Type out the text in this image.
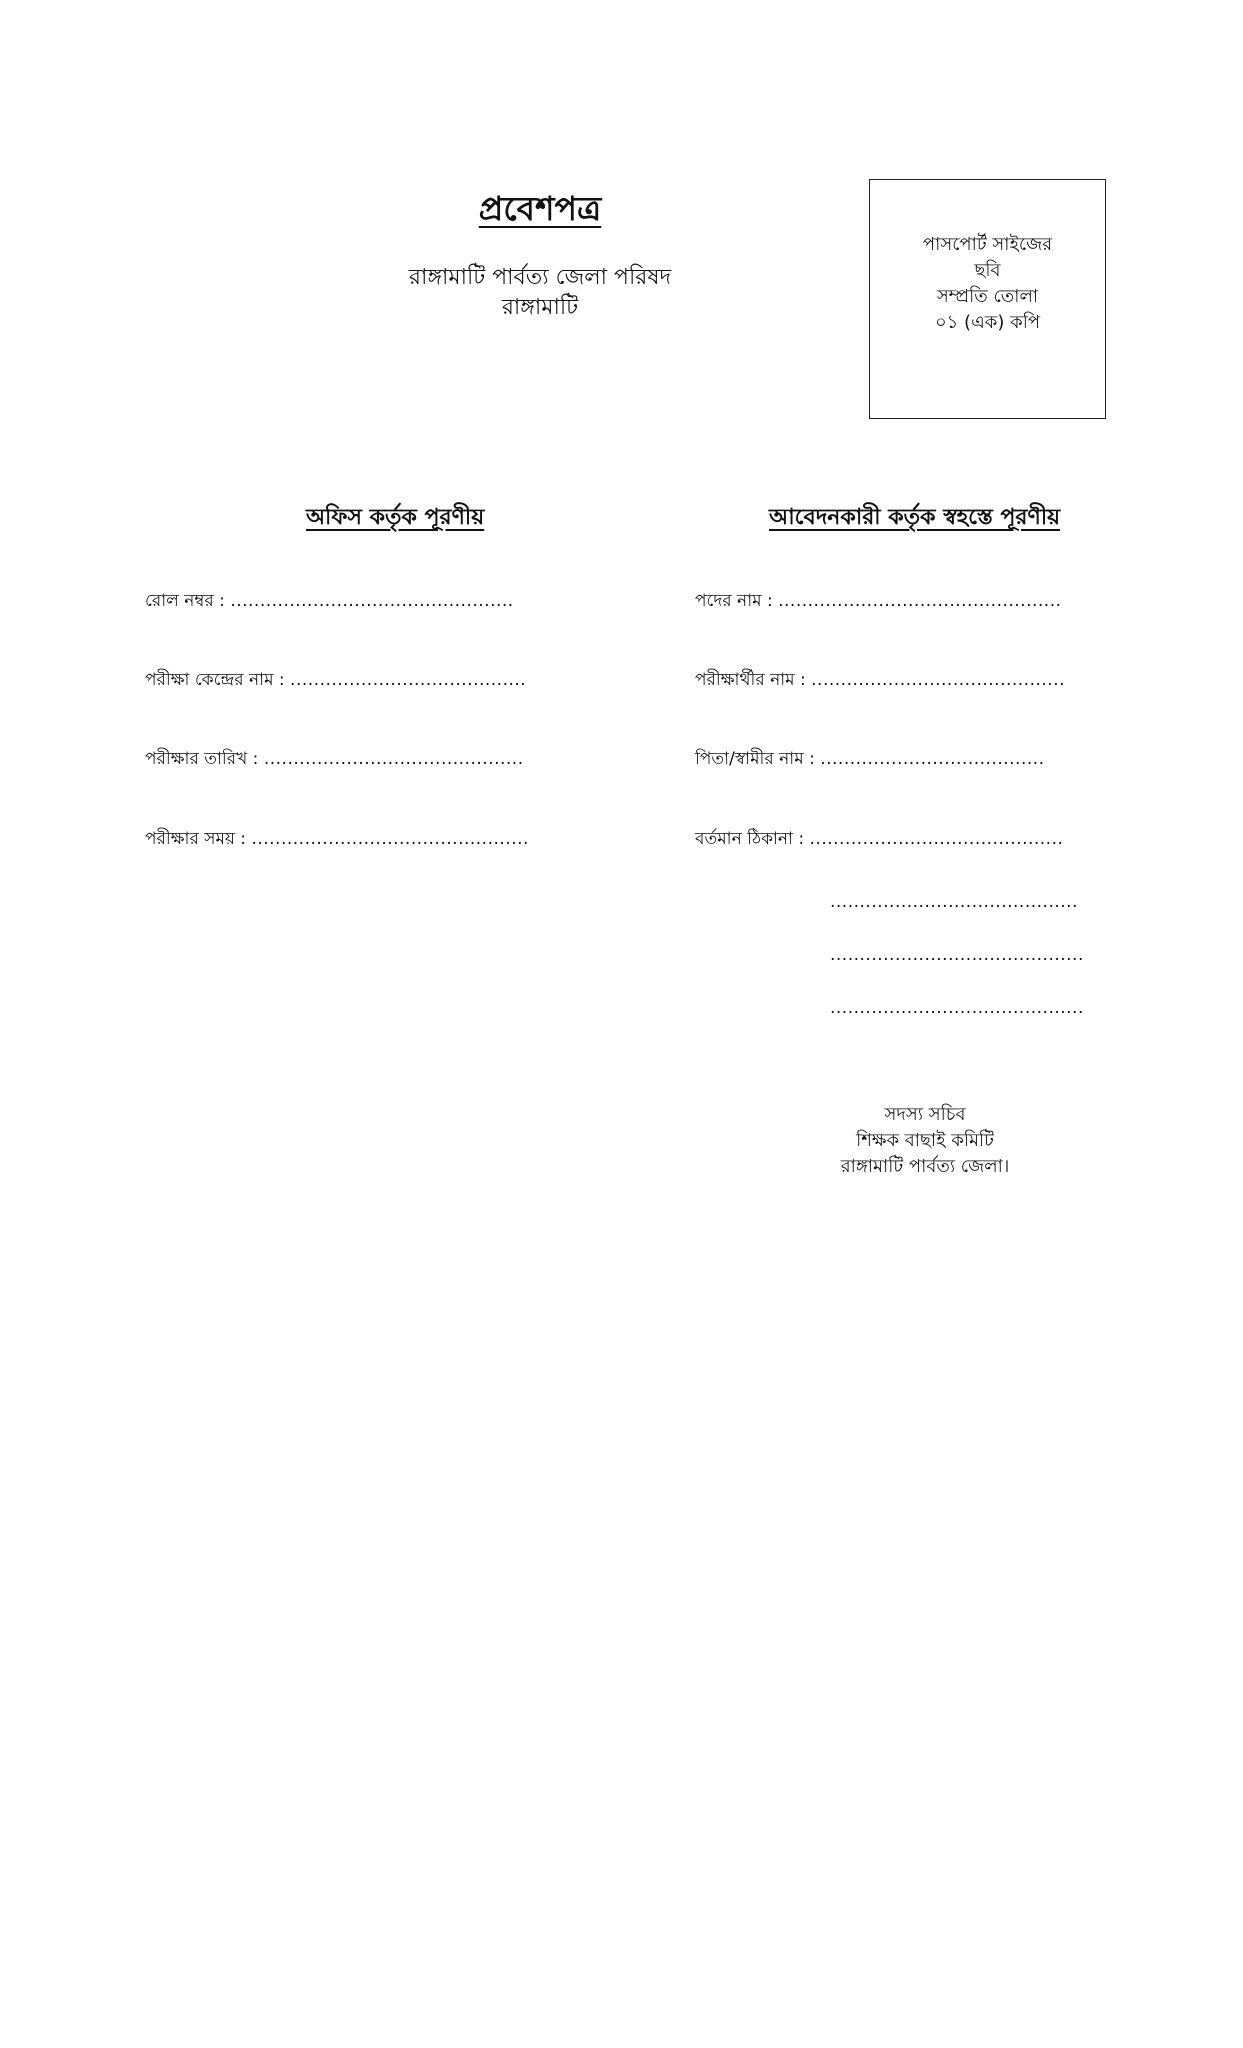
প্রবেশপত্র
রাঙ্গামাটি পার্বত্য জেলা পরিষদ
রাঙ্গামাটি
পাসপোর্ট সাইজের
ছবি
সম্প্রতি তোলা
০১ (এক) কপি
অফিস কর্তৃক পূরণীয়	আবেদনকারী কর্তৃক স্বহস্তে পূরণীয়
রোল নম্বর : ................................................
পরীক্ষা কেন্দ্রের নাম : ........................................
পরীক্ষার তারিখ : ............................................
পরীক্ষার সময় : ...............................................
পদের নাম : ................................................
পরীক্ষার্থীর নাম : ...........................................
পিতা/স্বামীর নাম : ......................................
বর্তমান ঠিকানা : ...........................................
..........................................
...........................................
...........................................
সদস্য সচিব
শিক্ষক বাছাই কমিটি
রাঙ্গামাটি পার্বত্য জেলা।
